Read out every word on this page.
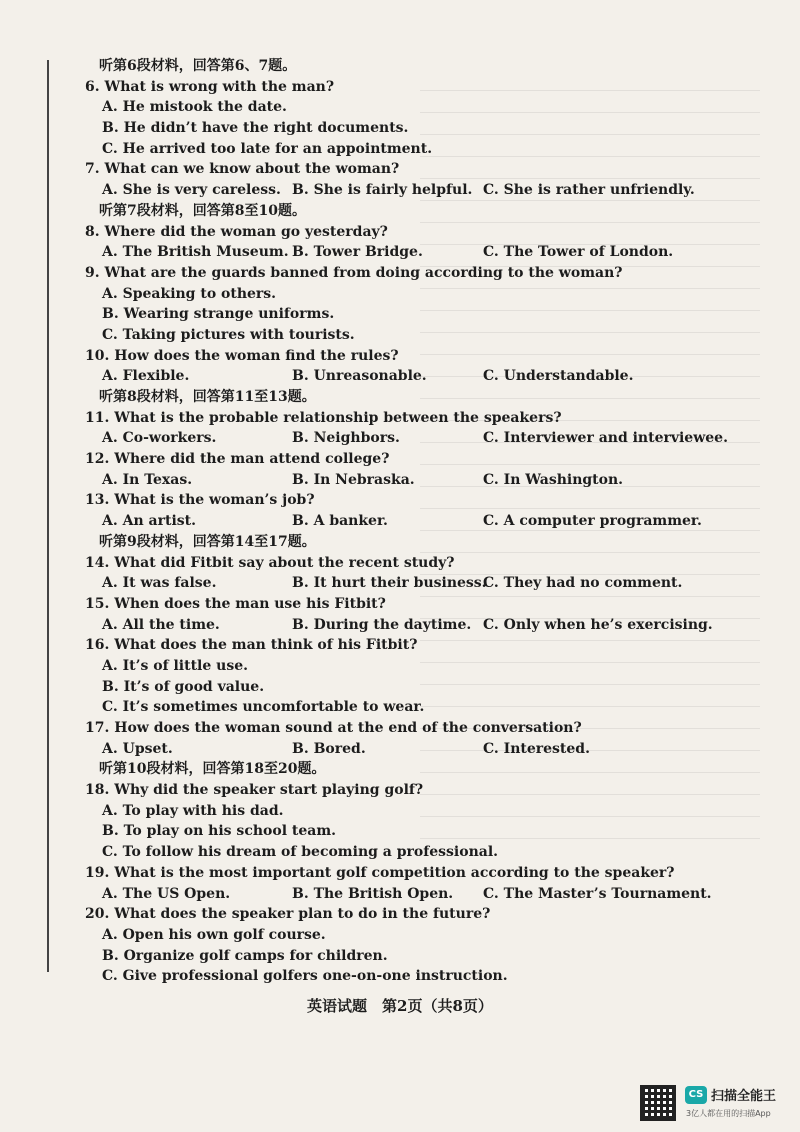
听第6段材料，回答第6、7题。
6. What is wrong with the man?
A. He mistook the date.
B. He didn’t have the right documents.
C. He arrived too late for an appointment.
7. What can we know about the woman?
A. She is very careless. B. She is fairly helpful. C. She is rather unfriendly.
听第7段材料，回答第8至10题。
8. Where did the woman go yesterday?
A. The British Museum. B. Tower Bridge.	C. The Tower of London.
9. What are the guards banned from doing according to the woman?
A. Speaking to others.
B. Wearing strange uniforms.
C. Taking pictures with tourists.
10. How does the woman find the rules?
A. Flexible.	B. Unreasonable.	C. Understandable.
听第8段材料，回答第11至13题。
11. What is the probable relationship between the speakers?
A. Co-workers.	B. Neighbors.	C. Interviewer and interviewee.
12. Where did the man attend college?
A. In Texas.	B. In Nebraska.	C. In Washington.
13. What is the woman’s job?
A. An artist.	B. A banker.	C. A computer programmer.
听第9段材料，回答第14至17题。
14. What did Fitbit say about the recent study?
A. It was false.	B. It hurt their business.
C. They had no comment.
15. When does the man use his Fitbit?
A. All the time.	B. During the daytime. C. Only when he’s exercising.
16. What does the man think of his Fitbit?
A. It’s of little use.
B. It’s of good value.
C. It’s sometimes uncomfortable to wear.
17. How does the woman sound at the end of the conversation?
A. Upset.	B. Bored.	C. Interested.
听第10段材料，回答第18至20题。
18. Why did the speaker start playing golf?
A. To play with his dad.
B. To play on his school team.
C. To follow his dream of becoming a professional.
19. What is the most important golf competition according to the speaker?
A. The US Open.	B. The British Open. C. The Master’s Tournament.
20. What does the speaker plan to do in the future?
A. Open his own golf course.
B. Organize golf camps for children.
C. Give professional golfers one-on-one instruction.
英语试题　第2页（共8页）
CS 扫描全能王
3亿人都在用的扫描App
